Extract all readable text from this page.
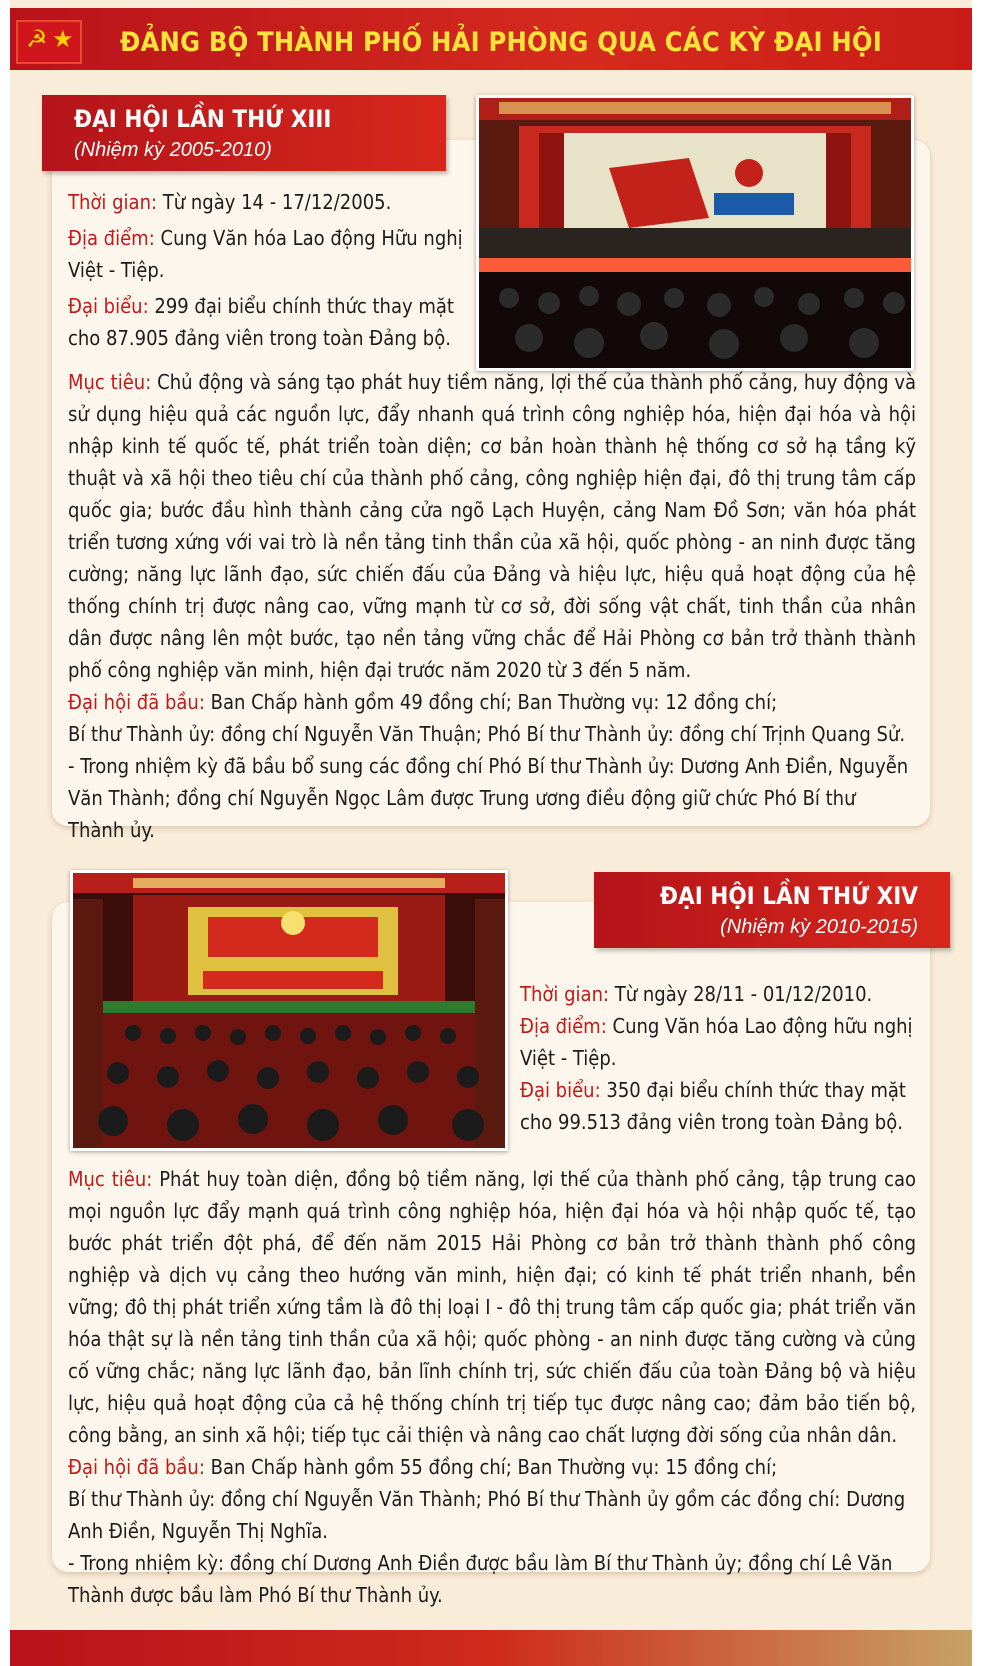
☭ ★ ĐẢNG BỘ THÀNH PHỐ HẢI PHÒNG QUA CÁC KỲ ĐẠI HỘI
ĐẠI HỘI LẦN THỨ XIII
(Nhiệm kỳ 2005-2010)

Thời gian: Từ ngày 14 - 17/12/2005.

Địa điểm: Cung Văn hóa Lao động Hữu nghị Việt - Tiệp.

Đại biểu: 299 đại biểu chính thức thay mặt cho 87.905 đảng viên trong toàn Đảng bộ.

Mục tiêu: Chủ động và sáng tạo phát huy tiềm năng, lợi thế của thành phố cảng, huy động và sử dụng hiệu quả các nguồn lực, đẩy nhanh quá trình công nghiệp hóa, hiện đại hóa và hội nhập kinh tế quốc tế, phát triển toàn diện; cơ bản hoàn thành hệ thống cơ sở hạ tầng kỹ thuật và xã hội theo tiêu chí của thành phố cảng, công nghiệp hiện đại, đô thị trung tâm cấp quốc gia; bước đầu hình thành cảng cửa ngõ Lạch Huyện, cảng Nam Đồ Sơn; văn hóa phát triển tương xứng với vai trò là nền tảng tinh thần của xã hội, quốc phòng - an ninh được tăng cường; năng lực lãnh đạo, sức chiến đấu của Đảng và hiệu lực, hiệu quả hoạt động của hệ thống chính trị được nâng cao, vững mạnh từ cơ sở, đời sống vật chất, tinh thần của nhân dân được nâng lên một bước, tạo nền tảng vững chắc để Hải Phòng cơ bản trở thành thành phố công nghiệp văn minh, hiện đại trước năm 2020 từ 3 đến 5 năm.

Đại hội đã bầu: Ban Chấp hành gồm 49 đồng chí; Ban Thường vụ: 12 đồng chí;

Bí thư Thành ủy: đồng chí Nguyễn Văn Thuận; Phó Bí thư Thành ủy: đồng chí Trịnh Quang Sử.

- Trong nhiệm kỳ đã bầu bổ sung các đồng chí Phó Bí thư Thành ủy: Dương Anh Điền, Nguyễn Văn Thành; đồng chí Nguyễn Ngọc Lâm được Trung ương điều động giữ chức Phó Bí thư Thành ủy.

ĐẠI HỘI LẦN THỨ XIV
(Nhiệm kỳ 2010-2015)

Thời gian: Từ ngày 28/11 - 01/12/2010.

Địa điểm: Cung Văn hóa Lao động hữu nghị Việt - Tiệp.

Đại biểu: 350 đại biểu chính thức thay mặt cho 99.513 đảng viên trong toàn Đảng bộ.

Mục tiêu: Phát huy toàn diện, đồng bộ tiềm năng, lợi thế của thành phố cảng, tập trung cao mọi nguồn lực đẩy mạnh quá trình công nghiệp hóa, hiện đại hóa và hội nhập quốc tế, tạo bước phát triển đột phá, để đến năm 2015 Hải Phòng cơ bản trở thành thành phố công nghiệp và dịch vụ cảng theo hướng văn minh, hiện đại; có kinh tế phát triển nhanh, bền vững; đô thị phát triển xứng tầm là đô thị loại I - đô thị trung tâm cấp quốc gia; phát triển văn hóa thật sự là nền tảng tinh thần của xã hội; quốc phòng - an ninh được tăng cường và củng cố vững chắc; năng lực lãnh đạo, bản lĩnh chính trị, sức chiến đấu của toàn Đảng bộ và hiệu lực, hiệu quả hoạt động của cả hệ thống chính trị tiếp tục được nâng cao; đảm bảo tiến bộ, công bằng, an sinh xã hội; tiếp tục cải thiện và nâng cao chất lượng đời sống của nhân dân.

Đại hội đã bầu: Ban Chấp hành gồm 55 đồng chí; Ban Thường vụ: 15 đồng chí;

Bí thư Thành ủy: đồng chí Nguyễn Văn Thành; Phó Bí thư Thành ủy gồm các đồng chí: Dương Anh Điền, Nguyễn Thị Nghĩa.

- Trong nhiệm kỳ: đồng chí Dương Anh Điền được bầu làm Bí thư Thành ủy; đồng chí Lê Văn Thành được bầu làm Phó Bí thư Thành ủy.
